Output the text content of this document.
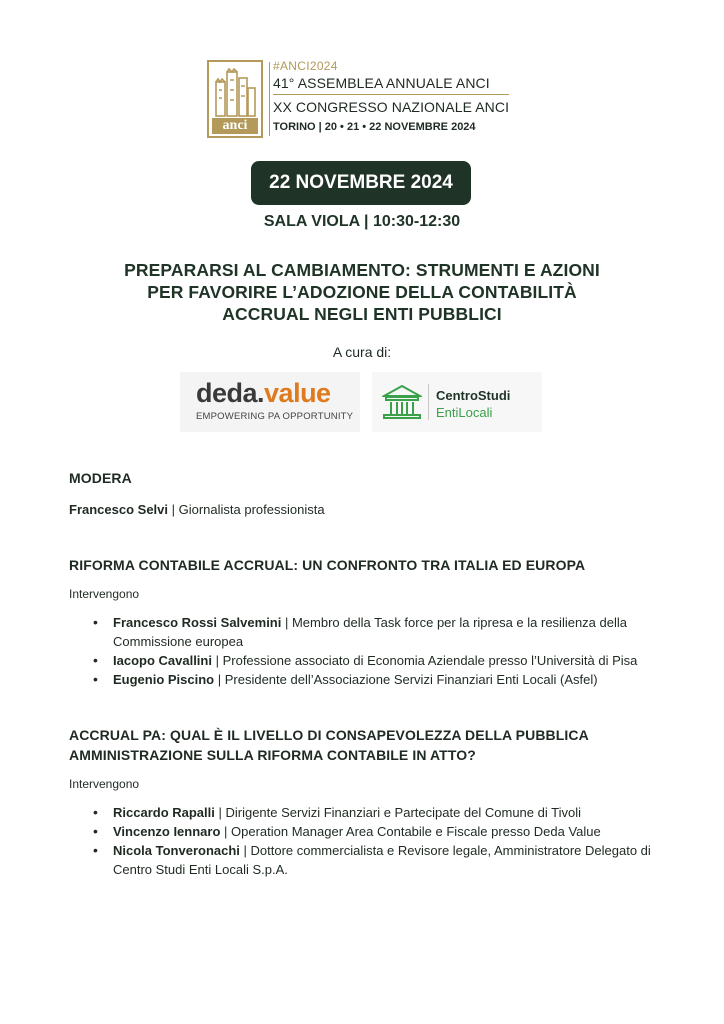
anci
#ANCI2024
41° ASSEMBLEA ANNUALE ANCI
XX CONGRESSO NAZIONALE ANCI
TORINO | 20 • 21 • 22 NOVEMBRE 2024
22 NOVEMBRE 2024
SALA VIOLA | 10:30-12:30
PREPARARSI AL CAMBIAMENTO: STRUMENTI E AZIONI
PER FAVORIRE L’ADOZIONE DELLA CONTABILITÀ
ACCRUAL NEGLI ENTI PUBBLICI
A cura di:
deda.value
EMPOWERING PA OPPORTUNITY
CentroStudi
EntiLocali
MODERA
Francesco Selvi | Giornalista professionista
RIFORMA CONTABILE ACCRUAL: UN CONFRONTO TRA ITALIA ED EUROPA
Intervengono
• Francesco Rossi Salvemini | Membro della Task force per la ripresa e la resilienza della Commissione europea
• Iacopo Cavallini | Professione associato di Economia Aziendale presso l’Università di Pisa
• Eugenio Piscino | Presidente dell’Associazione Servizi Finanziari Enti Locali (Asfel)
ACCRUAL PA: QUAL È IL LIVELLO DI CONSAPEVOLEZZA DELLA PUBBLICA
AMMINISTRAZIONE SULLA RIFORMA CONTABILE IN ATTO?
Intervengono
• Riccardo Rapalli | Dirigente Servizi Finanziari e Partecipate del Comune di Tivoli
• Vincenzo Iennaro | Operation Manager Area Contabile e Fiscale presso Deda Value
• Nicola Tonveronachi | Dottore commercialista e Revisore legale, Amministratore Delegato di Centro Studi Enti Locali S.p.A.
